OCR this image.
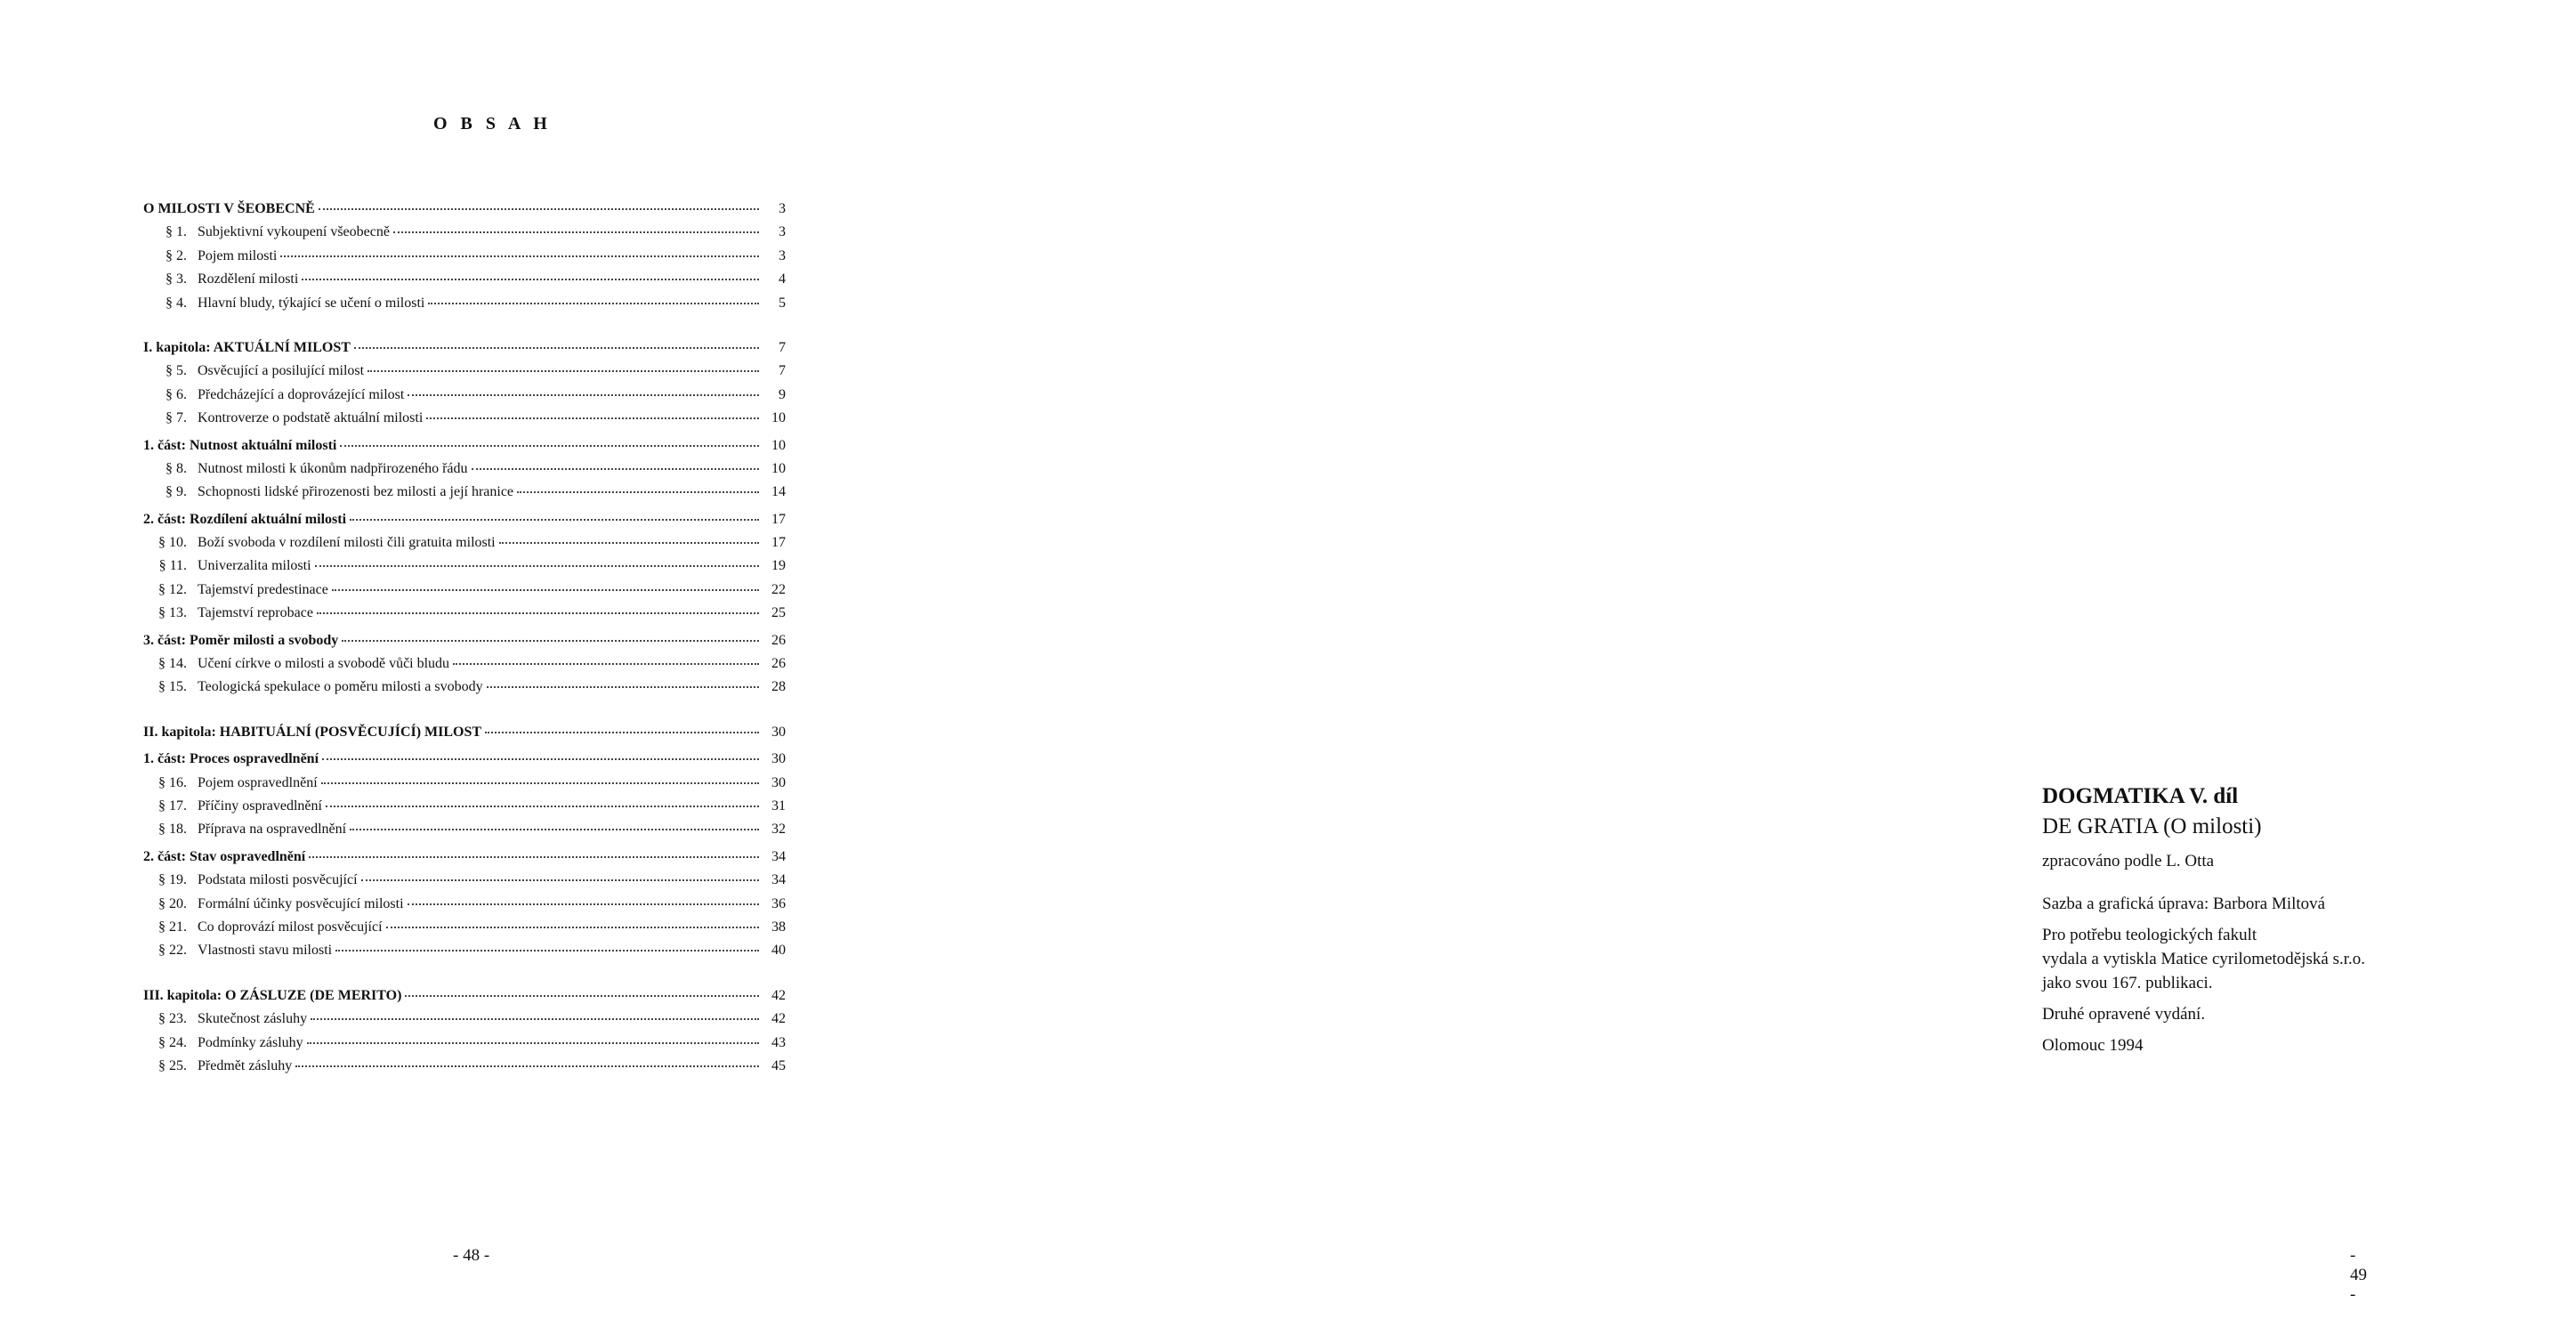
O B S A H
O MILOSTI V ŠEOBECNĚ	3
§ 1. Subjektivní vykoupení všeobecně	3
§ 2. Pojem milosti	3
§ 3. Rozdělení milosti	4
§ 4. Hlavní bludy, týkající se učení o milosti	5
I. kapitola: AKTUÁLNÍ MILOST	7
§ 5. Osvěcující a posilující milost	7
§ 6. Předcházející a doprovázející milost	9
§ 7. Kontroverze o podstatě aktuální milosti	10
1. část: Nutnost aktuální milosti	10
§ 8. Nutnost milosti k úkonům nadpřirozeného řádu	10
§ 9. Schopnosti lidské přirozenosti bez milosti a její hranice	14
2. část: Rozdílení aktuální milosti	17
§ 10. Boží svoboda v rozdílení milosti čili gratuita milosti	17
§ 11. Univerzalita milosti	19
§ 12. Tajemství predestinace	22
§ 13. Tajemství reprobace	25
3. část: Poměr milosti a svobody	26
§ 14. Učení církve o milosti a svobodě vůči bludu	26
§ 15. Teologická spekulace o poměru milosti a svobody	28
II. kapitola: HABITUÁLNÍ (POSVĚCUJÍCÍ) MILOST	30
1. část: Proces ospravedlnění	30
§ 16. Pojem ospravedlnění	30
§ 17. Příčiny ospravedlnění	31
§ 18. Příprava na ospravedlnění	32
2. část: Stav ospravedlnění	34
§ 19. Podstata milosti posvěcující	34
§ 20. Formální účinky posvěcující milosti	36
§ 21. Co doprovází milost posvěcující	38
§ 22. Vlastnosti stavu milosti	40
III. kapitola: O ZÁSLUZE (DE MERITO)	42
§ 23. Skutečnost zásluhy	42
§ 24. Podmínky zásluhy	43
§ 25. Předmět zásluhy	45
- 48 -
DOGMATIKA V. díl
DE GRATIA (O milosti)
zpracováno podle L. Otta
Sazba a grafická úprava: Barbora Miltová
Pro potřebu teologických fakult
vydala a vytiskla Matice cyrilometodějská s.r.o.
jako svou 167. publikaci.
Druhé opravené vydání.
Olomouc 1994
- 49 -
